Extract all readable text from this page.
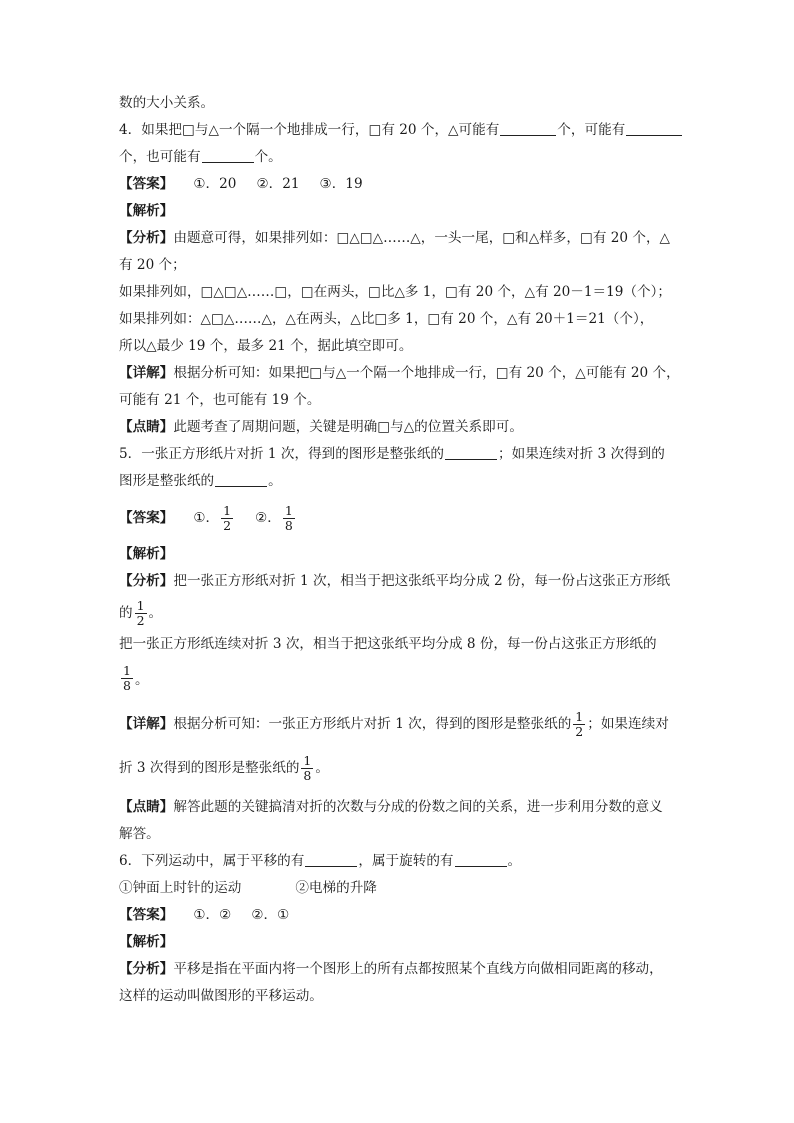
数的大小关系。
4．如果把□与△一个隔一个地排成一行，□有 20 个，△可能有	个，可能有
个，也可能有	个。
【答案】 ①．20 ②．21 ③．19
【解析】
【分析】由题意可得，如果排列如：□△□△……△，一头一尾，□和△样多，□有 20 个，△
有 20 个；
如果排列如，□△□△……□，□在两头，□比△多 1，□有 20 个，△有 20－1＝19（个）；
如果排列如：△□△……△，△在两头，△比□多 1，□有 20 个，△有 20＋1＝21（个），
所以△最少 19 个，最多 21 个，据此填空即可。
【详解】根据分析可知：如果把□与△一个隔一个地排成一行，□有 20 个，△可能有 20 个，
可能有 21 个，也可能有 19 个。
【点睛】此题考查了周期问题，关键是明确□与△的位置关系即可。
5．一张正方形纸片对折 1 次，得到的图形是整张纸的	；如果连续对折 3 次得到的
图形是整张纸的	。
【答案】 ①． $\frac{1}{2}$ ②． $\frac{1}{8}$
【解析】
【分析】把一张正方形纸对折 1 次，相当于把这张纸平均分成 2 份，每一份占这张正方形纸
的 $\frac{1}{2}$ 。
把一张正方形纸连续对折 3 次，相当于把这张纸平均分成 8 份，每一份占这张正方形纸的
$\frac{1}{8}$ 。
【详解】 根据分析可知：一张正方形纸片对折 1 次，得到的图形是整张纸的 $\frac{1}{2}$ ；如果连续对
折 3 次得到的图形是整张纸的 $\frac{1}{8}$ 。
【点睛】解答此题的关键搞清对折的次数与分成的份数之间的关系，进一步利用分数的意义
解答。
6．下列运动中，属于平移的有	，属于旋转的有	。
①钟面上时针的运动	②电梯的升降
【答案】 ①．② ②．①
【解析】
【分析】平移是指在平面内将一个图形上的所有点都按照某个直线方向做相同距离的移动，
这样的运动叫做图形的平移运动。
